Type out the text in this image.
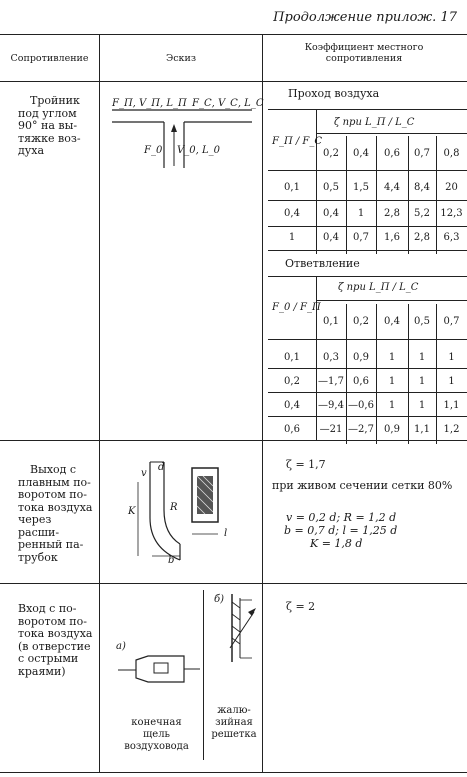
Продолжение прилож. 17
Сопротивление	Эскиз
Коэффициент местного сопротивления
Тройник
под углом
90° на вы-
тяжке воз-
духа
F_П, V_П, L_П F_С, V_С, L_С
F_0 V_0, L_0
Проход воздуха
F_П / F_С
ζ при L_П / L_С
0,2	0,4	0,6	0,7	0,8
0,1	0,5	1,5	4,4	8,4	20
0,4	0,4	1	2,8	5,2	12,3
1	0,4	0,7	1,6	2,8	6,3
Ответвление
F_0 / F_П
ζ при L_П / L_С
0,1	0,2	0,4	0,5	0,7
0,1	0,3	0,9	1	1	1
0,2	—1,7 0,6	1	1	1
0,4	—9,4 —0,6	1	1	1,1
0,6	—21 —2,7	0,9	1,1	1,2
Выход с
плавным по-
воротом по-
тока воздуха
через расши-
ренный па-
трубок
v
d
R
K
b
l
ζ = 1,7
при живом сечении сетки 80%
v = 0,2 d; R = 1,2 d
b = 0,7 d; l = 1,25 d
K = 1,8 d
Вход с по-
воротом по-
тока воздуха
(в отверстие
с острыми
краями)
а)
конечная
щель
воздуховода
б)
жалю-
зийная
решетка
ζ = 2
